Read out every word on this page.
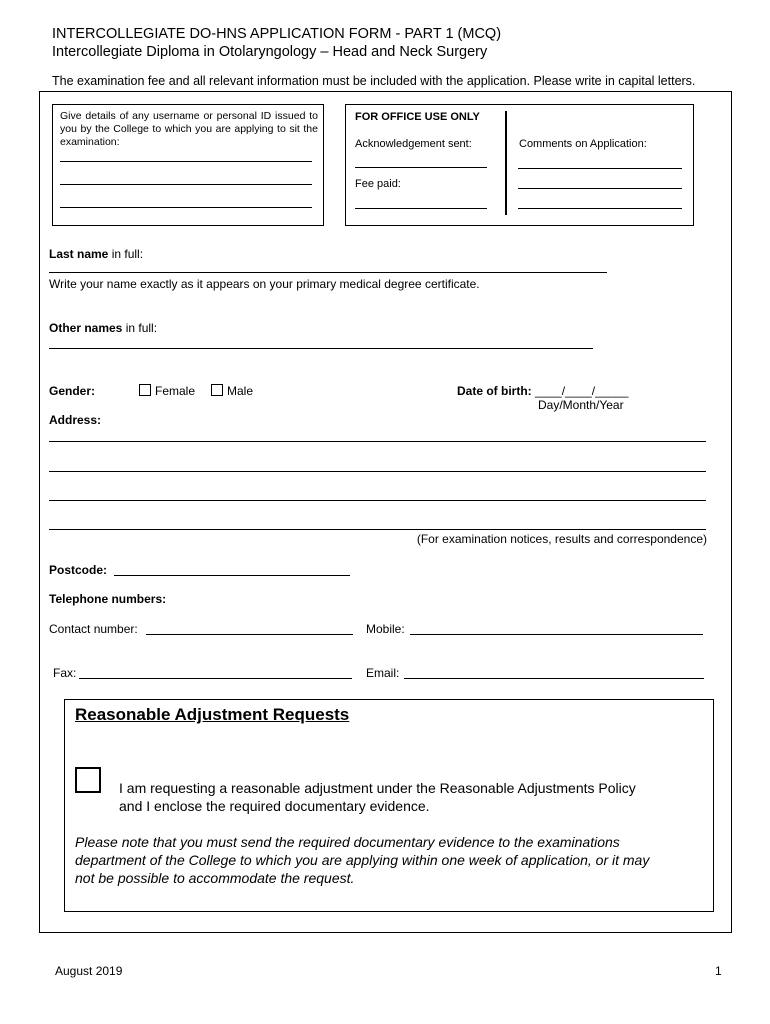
INTERCOLLEGIATE DO-HNS APPLICATION FORM - PART 1 (MCQ)
Intercollegiate Diploma in Otolaryngology – Head and Neck Surgery
The examination fee and all relevant information must be included with the application. Please write in capital letters.
Give details of any username or personal ID issued to you by the College to which you are applying to sit the examination:
FOR OFFICE USE ONLY
Acknowledgement sent:
Fee paid:
Comments on Application:
Last name in full:
Write your name exactly as it appears on your primary medical degree certificate.
Other names in full:
Gender:	Female	Male	Date of birth: ____/____/_____
Day/Month/Year
Address:
(For examination notices, results and correspondence)
Postcode:
Telephone numbers:
Contact number:	Mobile:
Fax:	Email:
Reasonable Adjustment Requests
I am requesting a reasonable adjustment under the Reasonable Adjustments Policy
and I enclose the required documentary evidence.
Please note that you must send the required documentary evidence to the examinations
department of the College to which you are applying within one week of application, or it may
not be possible to accommodate the request.
August 2019	1
